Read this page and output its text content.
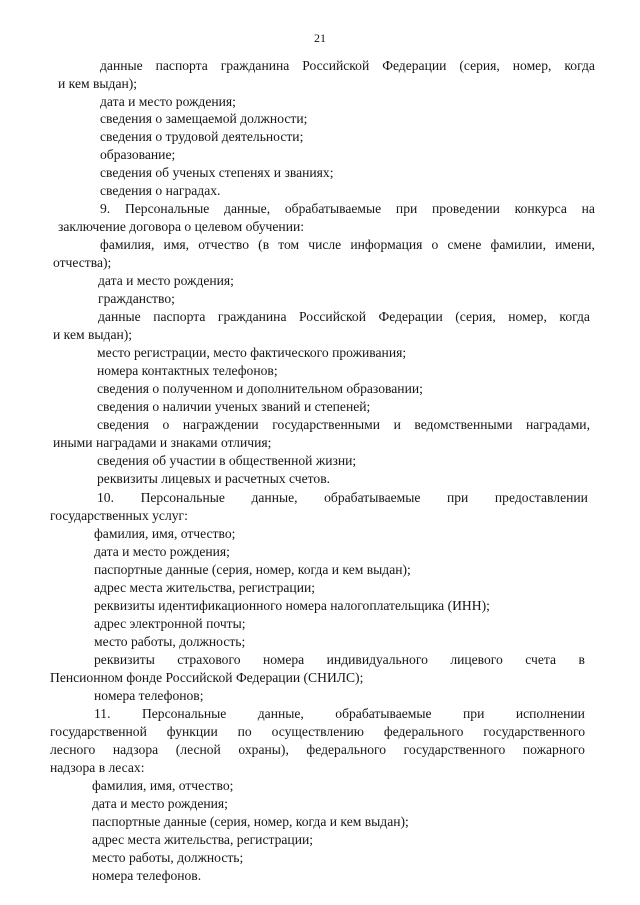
21
данные паспорта гражданина Российской Федерации (серия, номер, когда
и кем выдан);
дата и место рождения;
сведения о замещаемой должности;
сведения о трудовой деятельности;
образование;
сведения об ученых степенях и званиях;
сведения о наградах.
9. Персональные данные, обрабатываемые при проведении конкурса на
заключение договора о целевом обучении:
фамилия, имя, отчество (в том числе информация о смене фамилии, имени,
отчества);
дата и место рождения;
гражданство;
данные паспорта гражданина Российской Федерации (серия, номер, когда
и кем выдан);
место регистрации, место фактического проживания;
номера контактных телефонов;
сведения о полученном и дополнительном образовании;
сведения о наличии ученых званий и степеней;
сведения о награждении государственными и ведомственными наградами,
иными наградами и знаками отличия;
сведения об участии в общественной жизни;
реквизиты лицевых и расчетных счетов.
10. Персональные данные, обрабатываемые при предоставлении
государственных услуг:
фамилия, имя, отчество;
дата и место рождения;
паспортные данные (серия, номер, когда и кем выдан);
адрес места жительства, регистрации;
реквизиты идентификационного номера налогоплательщика (ИНН);
адрес электронной почты;
место работы, должность;
реквизиты страхового номера индивидуального лицевого счета в
Пенсионном фонде Российской Федерации (СНИЛС);
номера телефонов;
11. Персональные данные, обрабатываемые при исполнении
государственной функции по осуществлению федерального государственного
лесного надзора (лесной охраны), федерального государственного пожарного
надзора в лесах:
фамилия, имя, отчество;
дата и место рождения;
паспортные данные (серия, номер, когда и кем выдан);
адрес места жительства, регистрации;
место работы, должность;
номера телефонов.
